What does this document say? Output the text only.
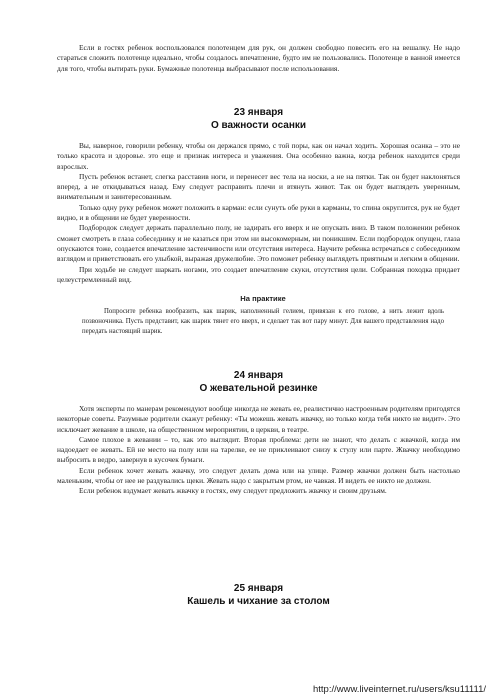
Если в гостях ребенок воспользовался полотенцем для рук, он должен свободно повесить его на вешалку. Не надо стараться сложить полотенце идеально, чтобы создалось впечатление, будто им не пользовались. Полотенце в ванной имеется для того, чтобы вытирать руки. Бумажные полотенца выбрасывают после использования.

23 января
О важности осанки

Вы, наверное, говорили ребенку, чтобы он держался прямо, с той поры, как он начал ходить. Хорошая осанка – это не только красота и здоровье. это еще и признак интереса и уважения. Она особенно важна, когда ребенок находится среди взрослых.

Пусть ребенок встанет, слегка расставив ноги, и перенесет вес тела на носки, а не на пятки. Так он будет наклоняться вперед, а не откидываться назад. Ему следует расправить плечи и втянуть живот. Так он будет выглядеть уверенным, внимательным и заинтересованным.

Только одну руку ребенок может положить в карман: если сунуть обе руки в карманы, то спина округлится, рук не будет видно, и в общении не будет уверенности.

Подбородок следует держать параллельно полу, не задирать его вверх и не опускать вниз. В таком положении ребенок сможет смотреть в глаза собеседнику и не казаться при этом ни высокомерным, ни поникшим. Если подбородок опущен, глаза опускаются тоже, создается впечатление застенчивости или отсутствия интереса. Научите ребенка встречаться с собеседником взглядом и приветствовать его улыбкой, выражая дружелюбие. Это поможет ребенку выглядеть приятным и легким в общении.

При ходьбе не следует шаркать ногами, это создает впечатление скуки, отсутствия цели. Собранная походка придает целеустремленный вид.

На практике

Попросите ребенка вообразить, как шарик, наполненный гелием, привязан к его голове, а нить лежит вдоль позвоночника. Пусть представит, как шарик тянет его вверх, и сделает так вот пару минут. Для вашего представления надо передать настоящий шарик.

24 января
О жевательной резинке

Хотя эксперты по манерам рекомендуют вообще никогда не жевать ее, реалистично настроенным родителям пригодятся некоторые советы. Разумные родители скажут ребенку: «Ты можешь жевать жвачку, но только когда тебя никто не видит». Это исключает жевание в школе, на общественном мероприятии, в церкви, в театре.

Самое плохое в жевании – то, как это выглядит. Вторая проблема: дети не знают, что делать с жвачкой, когда им надоедает ее жевать. Ей не место на полу или на тарелке, ее не приклеивают снизу к стулу или парте. Жвачку необходимо выбросить в ведро, завернув в кусочек бумаги.

Если ребенок хочет жевать жвачку, это следует делать дома или на улице. Размер жвачки должен быть настолько маленьким, чтобы от нее не раздувались щеки. Жевать надо с закрытым ртом, не чавкая. И видеть ее никто не должен.

Если ребенок вздумает жевать жвачку в гостях, ему следует предложить жвачку и своим друзьям.

25 января
Кашель и чихание за столом
http://www.liveinternet.ru/users/ksu11111/
